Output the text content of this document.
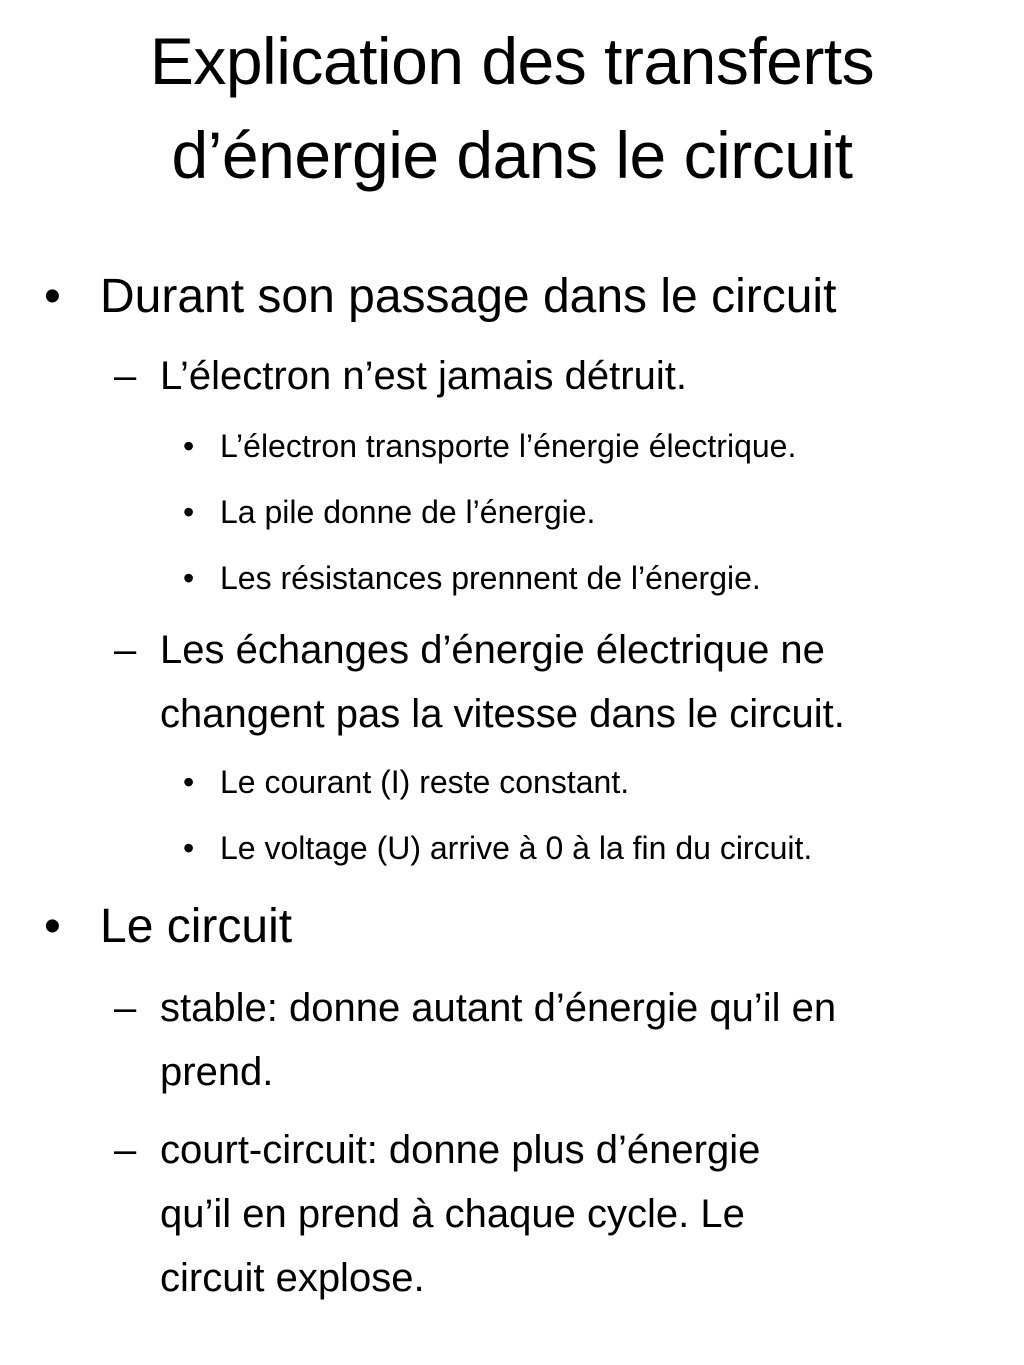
Explication des transferts
d’énergie dans le circuit
• Durant son passage dans le circuit
– L’électron n’est jamais détruit.
• L’électron transporte l’énergie électrique.
• La pile donne de l’énergie.
• Les résistances prennent de l’énergie.
– Les échanges d’énergie électrique ne
changent pas la vitesse dans le circuit.
• Le courant (I) reste constant.
• Le voltage (U) arrive à 0 à la fin du circuit.
• Le circuit
– stable: donne autant d’énergie qu’il en
prend.
– court-circuit: donne plus d’énergie
qu’il en prend à chaque cycle. Le
circuit explose.
